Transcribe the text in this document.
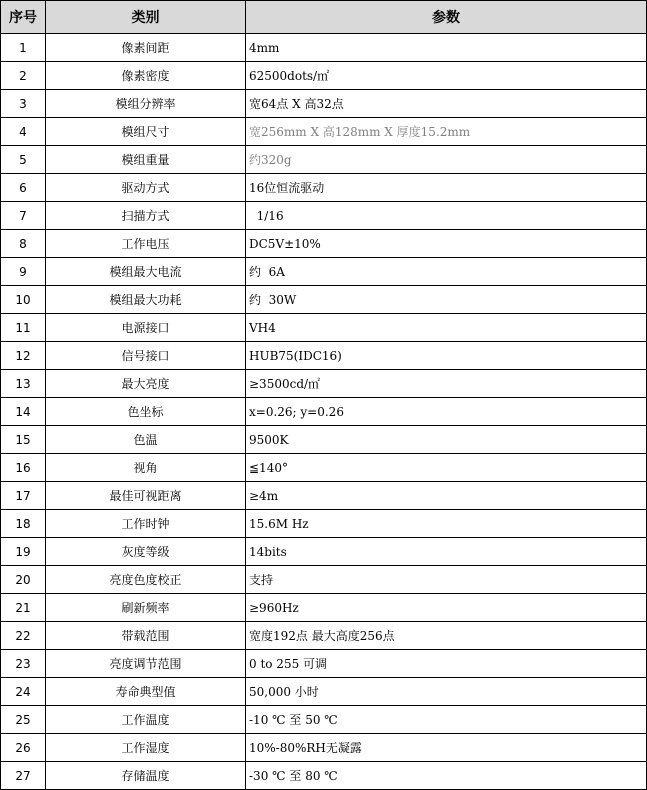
序号	类别	参数
1	像素间距	4mm
2	像素密度	62500dots/㎡
3	模组分辨率	宽64点 X 高32点
4	模组尺寸	宽256mm X 高128mm X 厚度15.2mm
5	模组重量	约320g
6	驱动方式	16位恒流驱动
7	扫描方式	1/16
8	工作电压	DC5V±10%
9	模组最大电流	约  6A
10	模组最大功耗	约  30W
11	电源接口	VH4
12	信号接口	HUB75(IDC16)
13	最大亮度	≥3500cd/㎡
14	色坐标	x=0.26; y=0.26
15	色温	9500K
16	视角	≦140°
17	最佳可视距离	≥4m
18	工作时钟	15.6M Hz
19	灰度等级	14bits
20	亮度色度校正	支持
21	刷新频率	≥960Hz
22	带载范围	宽度192点 最大高度256点
23	亮度调节范围	0 to 255 可调
24	寿命典型值	50,000 小时
25	工作温度	-10 ℃ 至 50 ℃
26	工作湿度	10%-80%RH无凝露
27	存储温度	-30 ℃ 至 80 ℃
